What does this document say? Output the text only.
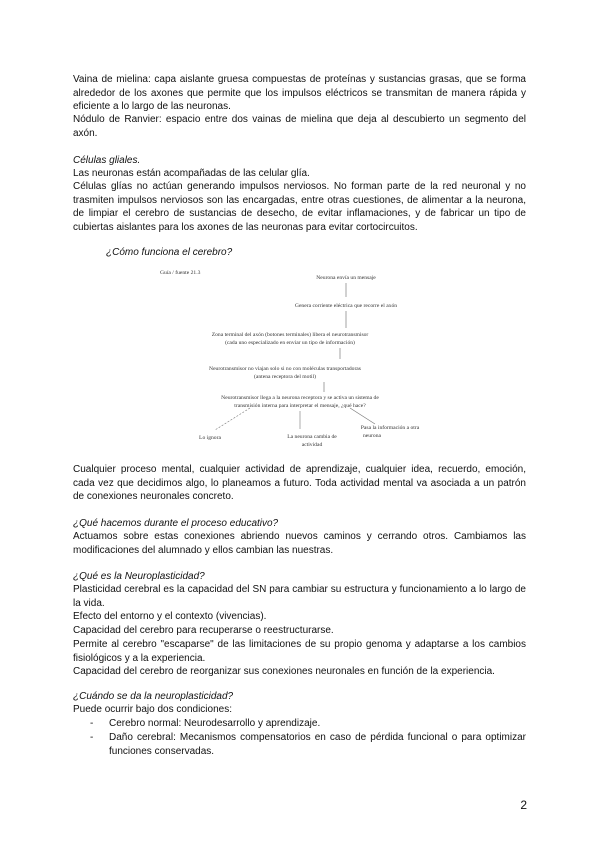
Vaina de mielina: capa aislante gruesa compuestas de proteínas y sustancias grasas, que se forma alrededor de los axones que permite que los impulsos eléctricos se transmitan de manera rápida y eficiente a lo largo de las neuronas.

Nódulo de Ranvier: espacio entre dos vainas de mielina que deja al descubierto un segmento del axón.

Células gliales.

Las neuronas están acompañadas de las celular glía.

Células glías no actúan generando impulsos nerviosos. No forman parte de la red neuronal y no trasmiten impulsos nerviosos son las encargadas, entre otras cuestiones, de alimentar a la neurona, de limpiar el cerebro de sustancias de desecho, de evitar inflamaciones, y de fabricar un tipo de cubiertas aislantes para los axones de las neuronas para evitar cortocircuitos.

¿Cómo funciona el cerebro?

Guía / fuente 21.3
Neurona envía un mensaje
Genera corriente eléctrica que recorre el axón
Zona terminal del axón (botones terminales) libera el neurotransmisor
(cada uno especializado en enviar un tipo de información)
Neurotransmisor no viajan solo si no con moléculas transportadoras
(antena receptora del motil)
Neurotransmisor llega a la neurona receptora y se activa un sistema de
transmisión interna para interpretar el mensaje, ¿qué hace?
Lo ignora	La neurona cambia de
actividad
Pasa la información a otra
neurona

Cualquier proceso mental, cualquier actividad de aprendizaje, cualquier idea, recuerdo, emoción, cada vez que decidimos algo, lo planeamos a futuro. Toda actividad mental va asociada a un patrón de conexiones neuronales concreto.

¿Qué hacemos durante el proceso educativo?

Actuamos sobre estas conexiones abriendo nuevos caminos y cerrando otros. Cambiamos las modificaciones del alumnado y ellos cambian las nuestras.

¿Qué es la Neuroplasticidad?

Plasticidad cerebral es la capacidad del SN para cambiar su estructura y funcionamiento a lo largo de la vida.

Efecto del entorno y el contexto (vivencias).

Capacidad del cerebro para recuperarse o reestructurarse.

Permite al cerebro "escaparse" de las limitaciones de su propio genoma y adaptarse a los cambios fisiológicos y a la experiencia.

Capacidad del cerebro de reorganizar sus conexiones neuronales en función de la experiencia.

¿Cuándo se da la neuroplasticidad?

Puede ocurrir bajo dos condiciones:

- Cerebro normal: Neurodesarrollo y aprendizaje.

- Daño cerebral: Mecanismos compensatorios en caso de pérdida funcional o para optimizar funciones conservadas.

2
